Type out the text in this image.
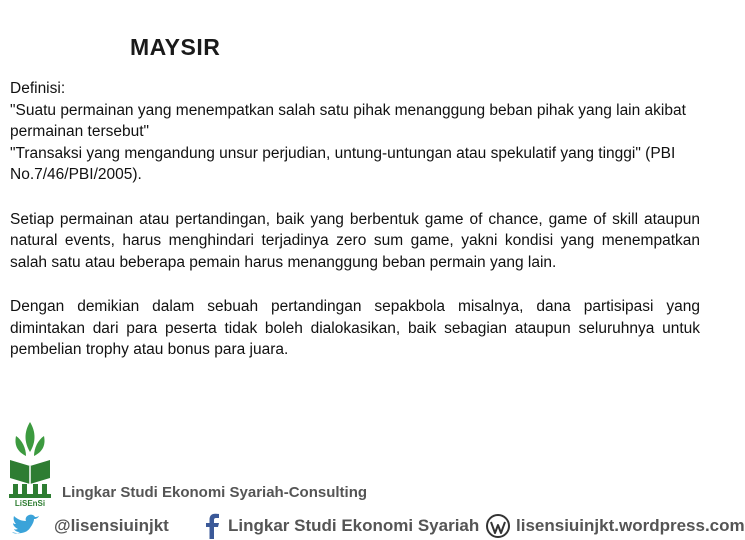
MAYSIR

Definisi:

"Suatu permainan yang menempatkan salah satu pihak menanggung beban pihak yang lain akibat permainan tersebut"

"Transaksi yang mengandung unsur perjudian, untung-untungan atau spekulatif yang tinggi" (PBI No.7/46/PBI/2005).

Setiap permainan atau pertandingan, baik yang berbentuk game of chance, game of skill ataupun natural events, harus menghindari terjadinya zero sum game, yakni kondisi yang menempatkan salah satu atau beberapa pemain harus menanggung beban permain yang lain.

Dengan demikian dalam sebuah pertandingan sepakbola misalnya, dana partisipasi yang dimintakan dari para peserta tidak boleh dialokasikan, baik sebagian ataupun seluruhnya untuk pembelian trophy atau bonus para juara.

LiSEnSi
Lingkar Studi Ekonomi Syariah-Consulting
@lisensiuinjkt	Lingkar Studi Ekonomi Syariah lisensiuinjkt.wordpress.com
